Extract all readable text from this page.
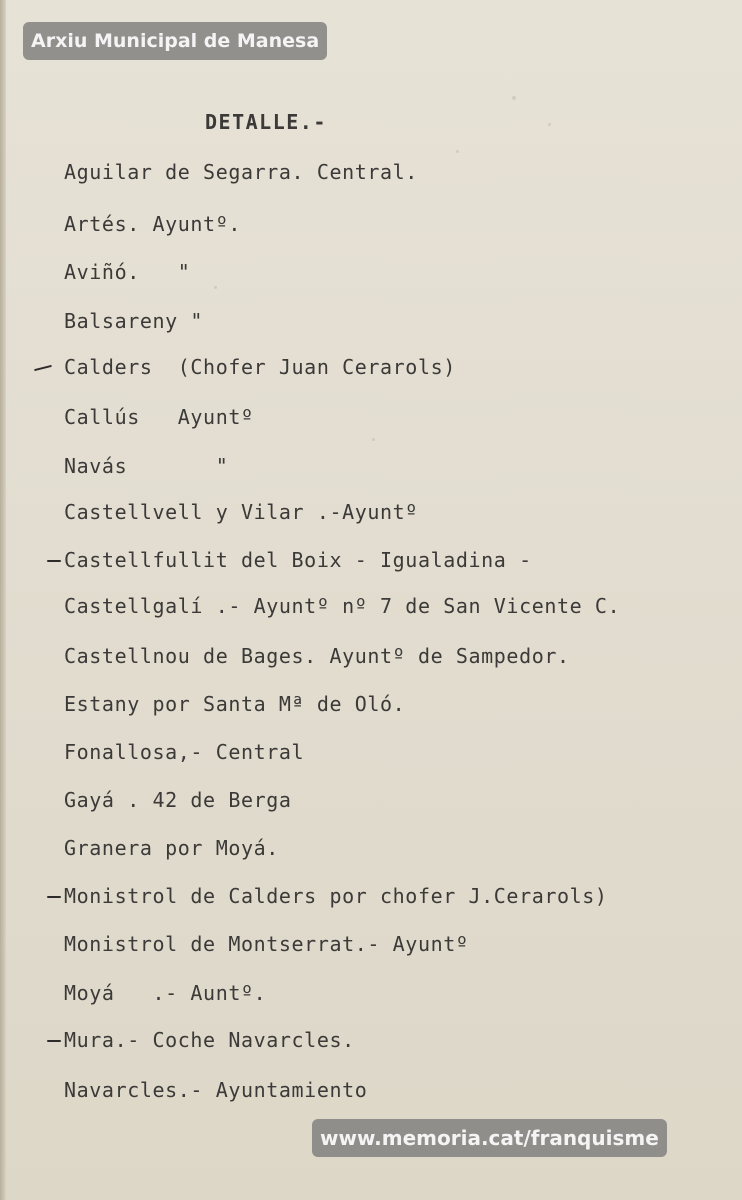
Arxiu Municipal de Manesa
DETALLE.-
Aguilar de Segarra. Central.
Artés. Ayuntº.
Aviñó.   "
Balsareny "
Calders  (Chofer Juan Cerarols)
Callús   Ayuntº
Navás       "
Castellvell y Vilar .-Ayuntº
Castellfullit del Boix - Igualadina -
Castellgalí .- Ayuntº nº 7 de San Vicente C.
Castellnou de Bages. Ayuntº de Sampedor.
Estany por Santa Mª de Oló.
Fonallosa,- Central
Gayá . 42 de Berga
Granera por Moyá.
Monistrol de Calders por chofer J.Cerarols)
Monistrol de Montserrat.- Ayuntº
Moyá   .- Auntº.
Mura.- Coche Navarcles.
Navarcles.- Ayuntamiento
www.memoria.cat/franquisme
